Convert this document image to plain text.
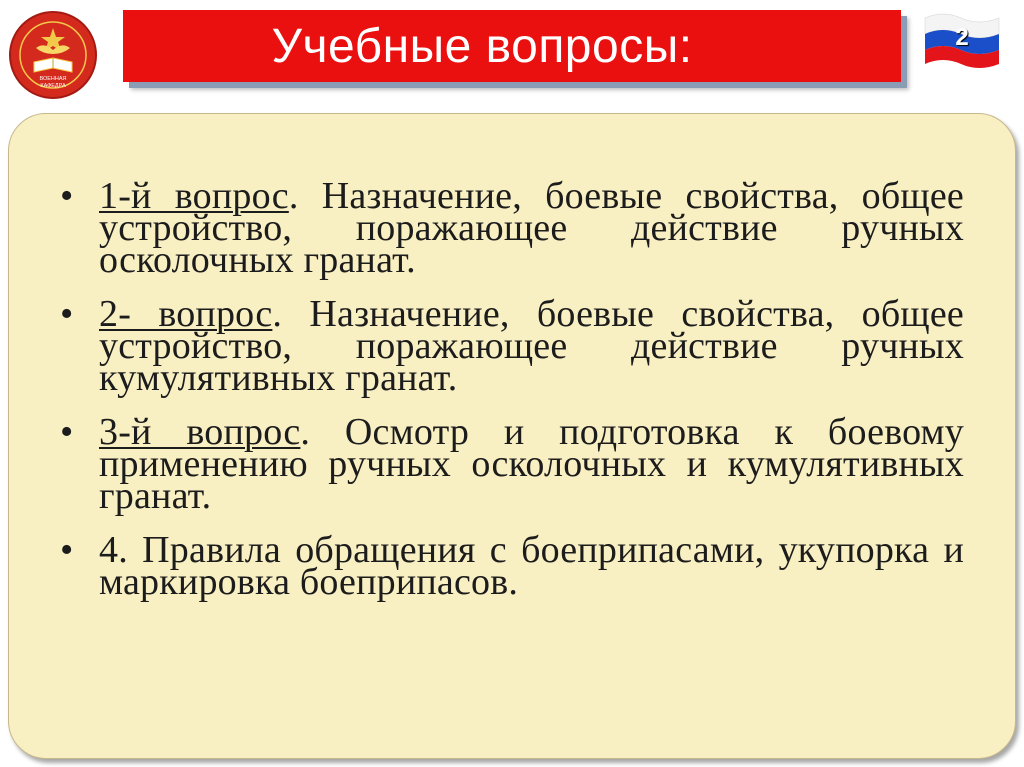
ВОЕННАЯ
КАФЕДРА
Учебные вопросы:	2
• 1-й вопрос. Назначение, боевые свойства, общее устройство, поражающее действие ручных осколочных гранат.
• 2- вопрос. Назначение, боевые свойства, общее устройство, поражающее действие ручных кумулятивных гранат.
• 3-й вопрос. Осмотр и подготовка к боевому применению ручных осколочных и кумулятивных гранат.
• 4. Правила обращения с боеприпасами, укупорка и маркировка боеприпасов.
